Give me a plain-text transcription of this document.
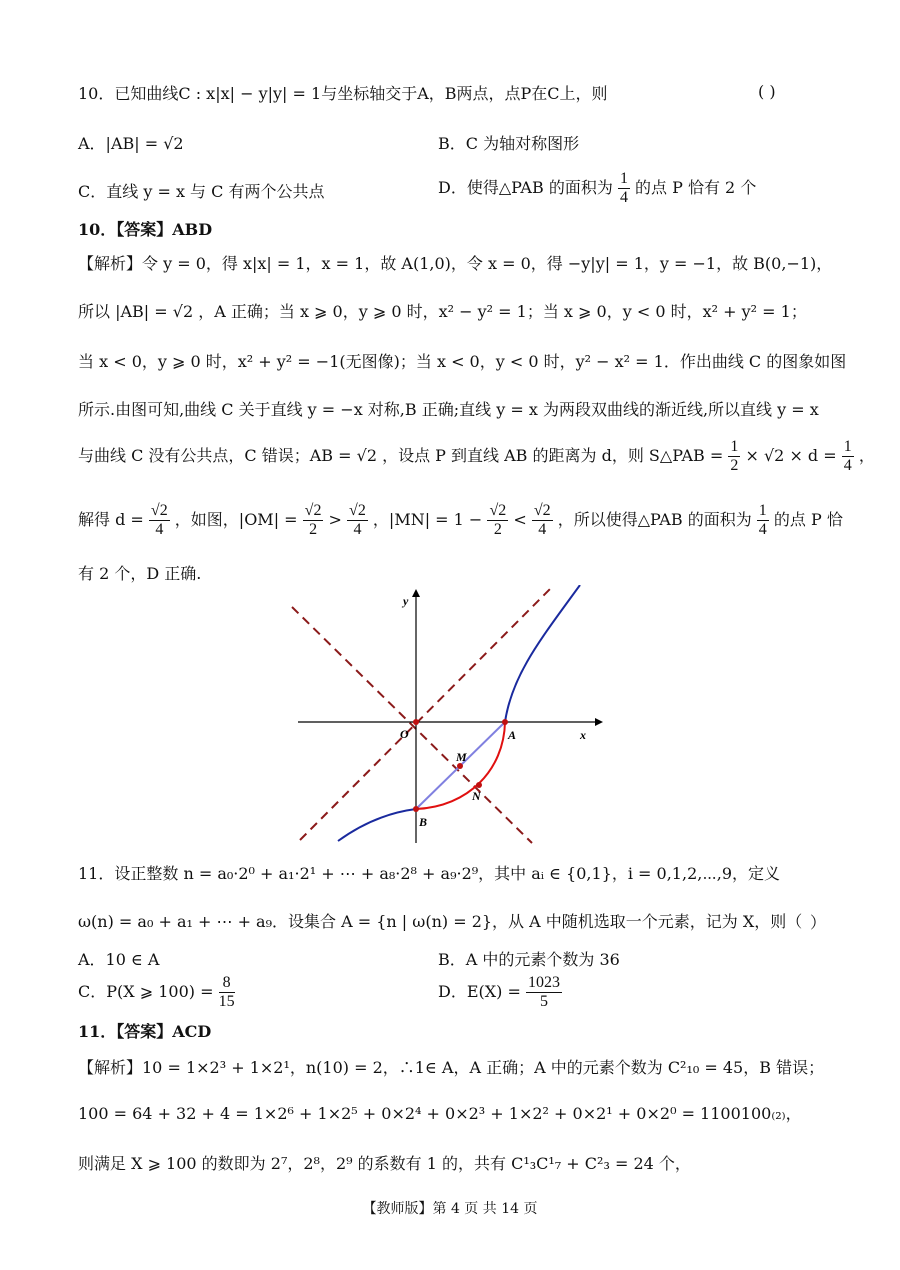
10．已知曲线C : x|x| − y|y| = 1与坐标轴交于A，B两点，点P在C上，则	( )
A．|AB| = √2	B．C 为轴对称图形
C．直线 y = x 与 C 有两个公共点	D．使得△PAB 的面积为 $\frac{1}{4}$ 的点 P 恰有 2 个
10．【答案】ABD
【解析】令 y = 0，得 x|x| = 1，x = 1，故 A(1,0)，令 x = 0，得 −y|y| = 1，y = −1，故 B(0,−1)，
所以 |AB| = √2 ，A 正确；当 x ⩾ 0，y ⩾ 0 时，x² − y² = 1；当 x ⩾ 0，y < 0 时，x² + y² = 1；
当 x < 0，y ⩾ 0 时，x² + y² = −1(无图像)；当 x < 0，y < 0 时，y² − x² = 1．作出曲线 C 的图象如图
所示.由图可知,曲线 C 关于直线 y = −x 对称,B 正确;直线 y = x 为两段双曲线的渐近线,所以直线 y = x
与曲线 C 没有公共点，C 错误；AB = √2 ，设点 P 到直线 AB 的距离为 d，则 S△PAB = $\frac{1}{2} \times √2 \times d = \frac{1}{4}$ ，
解得 $d = \frac{√2}{4}$ ，如图，$|OM| = \frac{√2}{2} > \frac{√2}{4}$ ，$|MN| = 1 - \frac{√2}{2} < \frac{√2}{4}$ ，所以使得△PAB 的面积为 $\frac{1}{4}$ 的点 P 恰
有 2 个，D 正确.
y
x
O	A
M
N
B
11．设正整数 n = a₀·2⁰ + a₁·2¹ + ⋯ + a₈·2⁸ + a₉·2⁹，其中 aᵢ ∈ {0,1}，i = 0,1,2,⋯,9，定义
ω(n) = a₀ + a₁ + ⋯ + a₉．设集合 A = {n | ω(n) = 2}，从 A 中随机选取一个元素，记为 X，则（ ）
A．10 ∈ A	B．A 中的元素个数为 36
C．P(X ⩾ $100) = \frac{8}{15}$	D．$E(X) = \frac{1023}{5}$
11．【答案】ACD
【解析】10 = 1×2³ + 1×2¹，n(10) = 2，∴1∈ A，A 正确；A 中的元素个数为 C²₁₀ = 45，B 错误；
100 = 64 + 32 + 4 = 1×2⁶ + 1×2⁵ + 0×2⁴ + 0×2³ + 1×2² + 0×2¹ + 0×2⁰ = 1100100₍₂₎，
则满足 X ⩾ 100 的数即为 2⁷，2⁸，2⁹ 的系数有 1 的，共有 C¹₃C¹₇ + C²₃ = 24 个，
【教师版】第 4 页 共 14 页
